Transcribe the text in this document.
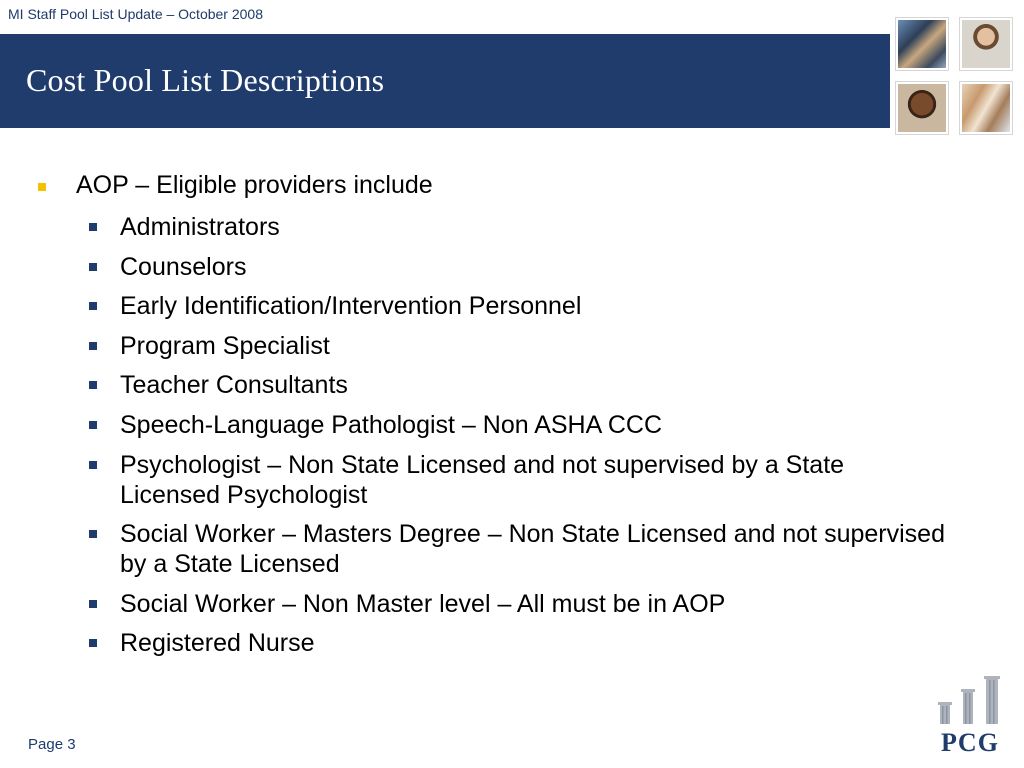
MI Staff Pool List Update – October 2008
Cost Pool List Descriptions
AOP – Eligible providers include
Administrators
Counselors
Early Identification/Intervention Personnel
Program Specialist
Teacher Consultants
Speech-Language Pathologist – Non ASHA CCC
Psychologist – Non State Licensed and not supervised by a State Licensed Psychologist
Social Worker – Masters Degree – Non State Licensed and not supervised by a State Licensed
Social Worker – Non Master level – All must be in AOP
Registered Nurse
Page 3	PCG
